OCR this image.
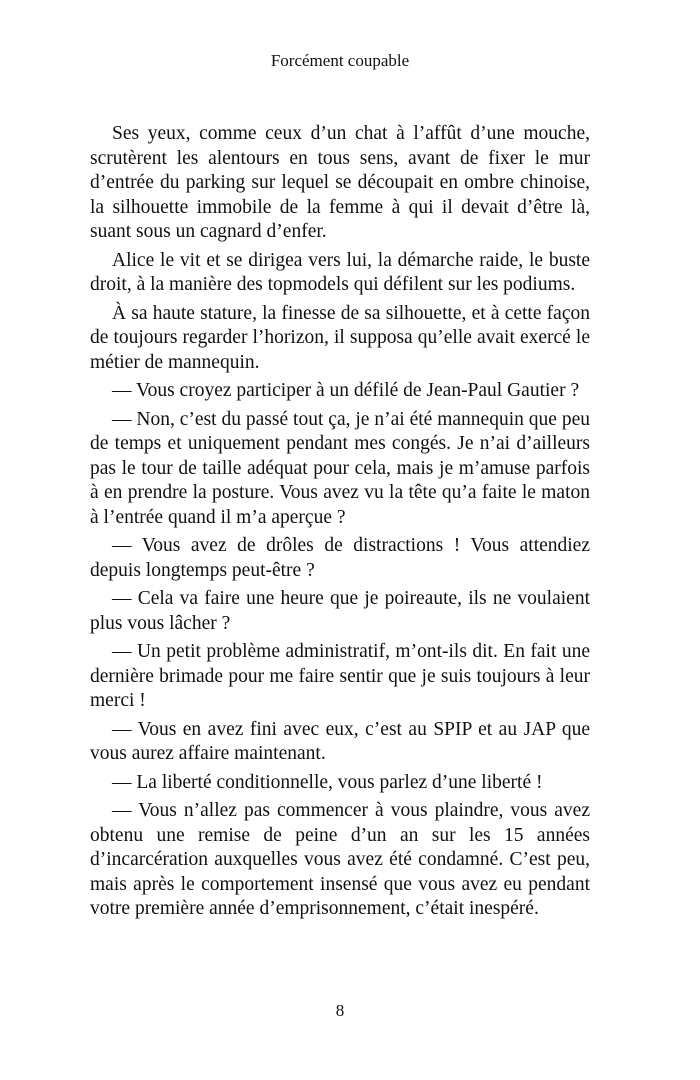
Forcément coupable

Ses yeux, comme ceux d’un chat à l’affût d’une mouche, scrutèrent les alentours en tous sens, avant de fixer le mur d’entrée du parking sur lequel se découpait en ombre chinoise, la silhouette immobile de la femme à qui il devait d’être là, suant sous un cagnard d’enfer.

Alice le vit et se dirigea vers lui, la démarche raide, le buste droit, à la manière des topmodels qui défilent sur les podiums.

À sa haute stature, la finesse de sa silhouette, et à cette façon de toujours regarder l’horizon, il supposa qu’elle avait exercé le métier de mannequin.

— Vous croyez participer à un défilé de Jean-Paul Gautier ?

— Non, c’est du passé tout ça, je n’ai été mannequin que peu de temps et uniquement pendant mes congés. Je n’ai d’ailleurs pas le tour de taille adéquat pour cela, mais je m’amuse parfois à en prendre la posture. Vous avez vu la tête qu’a faite le maton à l’entrée quand il m’a aperçue ?

— Vous avez de drôles de distractions ! Vous attendiez depuis longtemps peut-être ?

— Cela va faire une heure que je poireaute, ils ne voulaient plus vous lâcher ?

— Un petit problème administratif, m’ont-ils dit. En fait une dernière brimade pour me faire sentir que je suis toujours à leur merci !

— Vous en avez fini avec eux, c’est au SPIP et au JAP que vous aurez affaire maintenant.

— La liberté conditionnelle, vous parlez d’une liberté !

— Vous n’allez pas commencer à vous plaindre, vous avez obtenu une remise de peine d’un an sur les 15 années d’incarcération auxquelles vous avez été condamné. C’est peu, mais après le comportement insensé que vous avez eu pendant votre première année d’emprisonnement, c’était inespéré.

8
